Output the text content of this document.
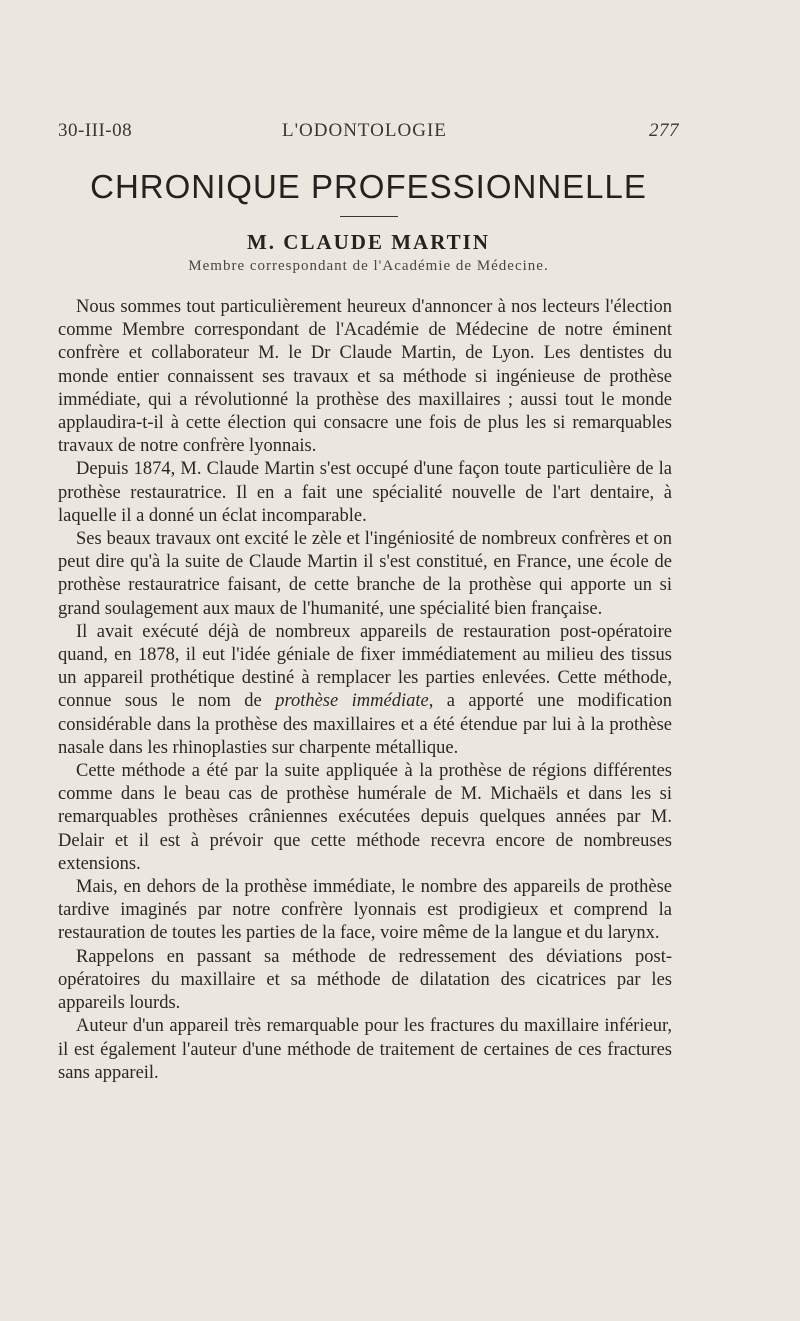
30-III-08	L'ODONTOLOGIE	277
CHRONIQUE PROFESSIONNELLE
M. CLAUDE MARTIN
Membre correspondant de l'Académie de Médecine.

Nous sommes tout particulièrement heureux d'annoncer à nos lecteurs l'élection comme Membre correspondant de l'Académie de Médecine de notre éminent confrère et collaborateur M. le Dr Claude Martin, de Lyon. Les dentistes du monde entier connaissent ses travaux et sa méthode si ingénieuse de prothèse immédiate, qui a révolutionné la prothèse des maxillaires ; aussi tout le monde applaudira-t-il à cette élection qui consacre une fois de plus les si remarquables travaux de notre confrère lyonnais.

Depuis 1874, M. Claude Martin s'est occupé d'une façon toute particulière de la prothèse restauratrice. Il en a fait une spécialité nouvelle de l'art dentaire, à laquelle il a donné un éclat incomparable.

Ses beaux travaux ont excité le zèle et l'ingéniosité de nombreux confrères et on peut dire qu'à la suite de Claude Martin il s'est constitué, en France, une école de prothèse restauratrice faisant, de cette branche de la prothèse qui apporte un si grand soulagement aux maux de l'humanité, une spécialité bien française.

Il avait exécuté déjà de nombreux appareils de restauration post-opératoire quand, en 1878, il eut l'idée géniale de fixer immédiatement au milieu des tissus un appareil prothétique destiné à remplacer les parties enlevées. Cette méthode, connue sous le nom de prothèse immédiate, a apporté une modification considérable dans la prothèse des maxillaires et a été étendue par lui à la prothèse nasale dans les rhinoplasties sur charpente métallique.

Cette méthode a été par la suite appliquée à la prothèse de régions différentes comme dans le beau cas de prothèse humérale de M. Michaëls et dans les si remarquables prothèses crâniennes exécutées depuis quelques années par M. Delair et il est à prévoir que cette méthode recevra encore de nombreuses extensions.

Mais, en dehors de la prothèse immédiate, le nombre des appareils de prothèse tardive imaginés par notre confrère lyonnais est prodigieux et comprend la restauration de toutes les parties de la face, voire même de la langue et du larynx.

Rappelons en passant sa méthode de redressement des déviations post-opératoires du maxillaire et sa méthode de dilatation des cicatrices par les appareils lourds.

Auteur d'un appareil très remarquable pour les fractures du maxillaire inférieur, il est également l'auteur d'une méthode de traitement de certaines de ces fractures sans appareil.
